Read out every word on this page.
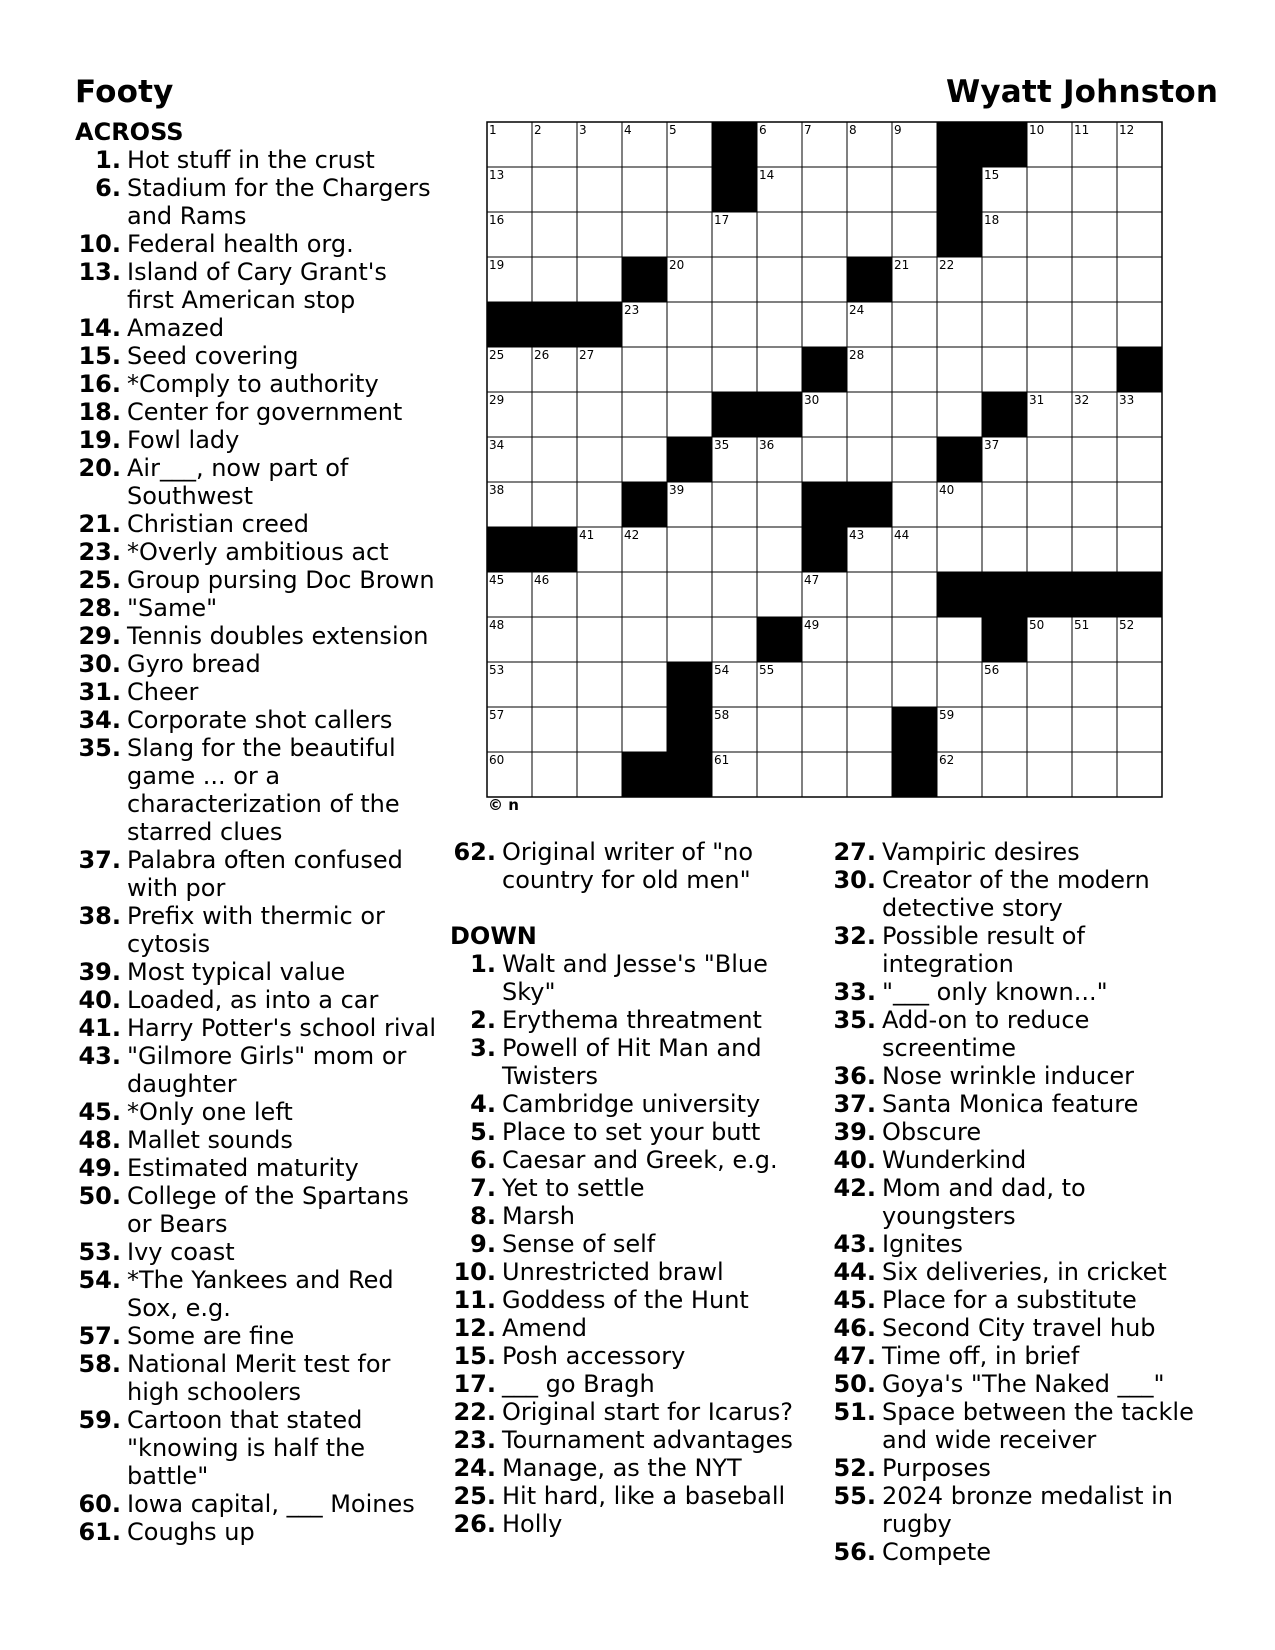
Footy	Wyatt Johnston
ACROSS
1. Hot stuff in the crust
6. Stadium for the Chargers and Rams
10. Federal health org.
13. Island of Cary Grant's first American stop
14. Amazed
15. Seed covering
16. *Comply to authority
18. Center for government
19. Fowl lady
20. Air___, now part of Southwest
21. Christian creed
23. *Overly ambitious act
25. Group pursing Doc Brown
28. "Same"
29. Tennis doubles extension
30. Gyro bread
31. Cheer
34. Corporate shot callers
35. Slang for the beautiful game ... or a characterization of the starred clues
37. Palabra often confused with por
38. Prefix with thermic or cytosis
39. Most typical value
40. Loaded, as into a car
41. Harry Potter's school rival
43. "Gilmore Girls" mom or daughter
45. *Only one left
48. Mallet sounds
49. Estimated maturity
50. College of the Spartans or Bears
53. Ivy coast
54. *The Yankees and Red Sox, e.g.
57. Some are fine
58. National Merit test for high schoolers
59. Cartoon that stated "knowing is half the battle"
60. Iowa capital, ___ Moines
61. Coughs up
1	2	3	4	5	6	7	8	9	10 11 12
13	14	15
16	17	18
19	20	21 22
23	24
25 26 27	28
29	30	31 32 33
34	35 36	37
38	39	40
41 42	43 44
45 46	47
48	49	50 51 52
53	54 55	56
57	58	59
60	61	62
© n
62. Original writer of "no country for old men"
DOWN
1. Walt and Jesse's "Blue Sky"
2. Erythema threatment
3. Powell of Hit Man and Twisters
4. Cambridge university
5. Place to set your butt
6. Caesar and Greek, e.g.
7. Yet to settle
8. Marsh
9. Sense of self
10. Unrestricted brawl
11. Goddess of the Hunt
12. Amend
15. Posh accessory
17. ___ go Bragh
22. Original start for Icarus?
23. Tournament advantages
24. Manage, as the NYT
25. Hit hard, like a baseball
26. Holly
27. Vampiric desires
30. Creator of the modern detective story
32. Possible result of integration
33. "___ only known..."
35. Add-on to reduce screentime
36. Nose wrinkle inducer
37. Santa Monica feature
39. Obscure
40. Wunderkind
42. Mom and dad, to youngsters
43. Ignites
44. Six deliveries, in cricket
45. Place for a substitute
46. Second City travel hub
47. Time off, in brief
50. Goya's "The Naked ___"
51. Space between the tackle and wide receiver
52. Purposes
55. 2024 bronze medalist in rugby
56. Compete
